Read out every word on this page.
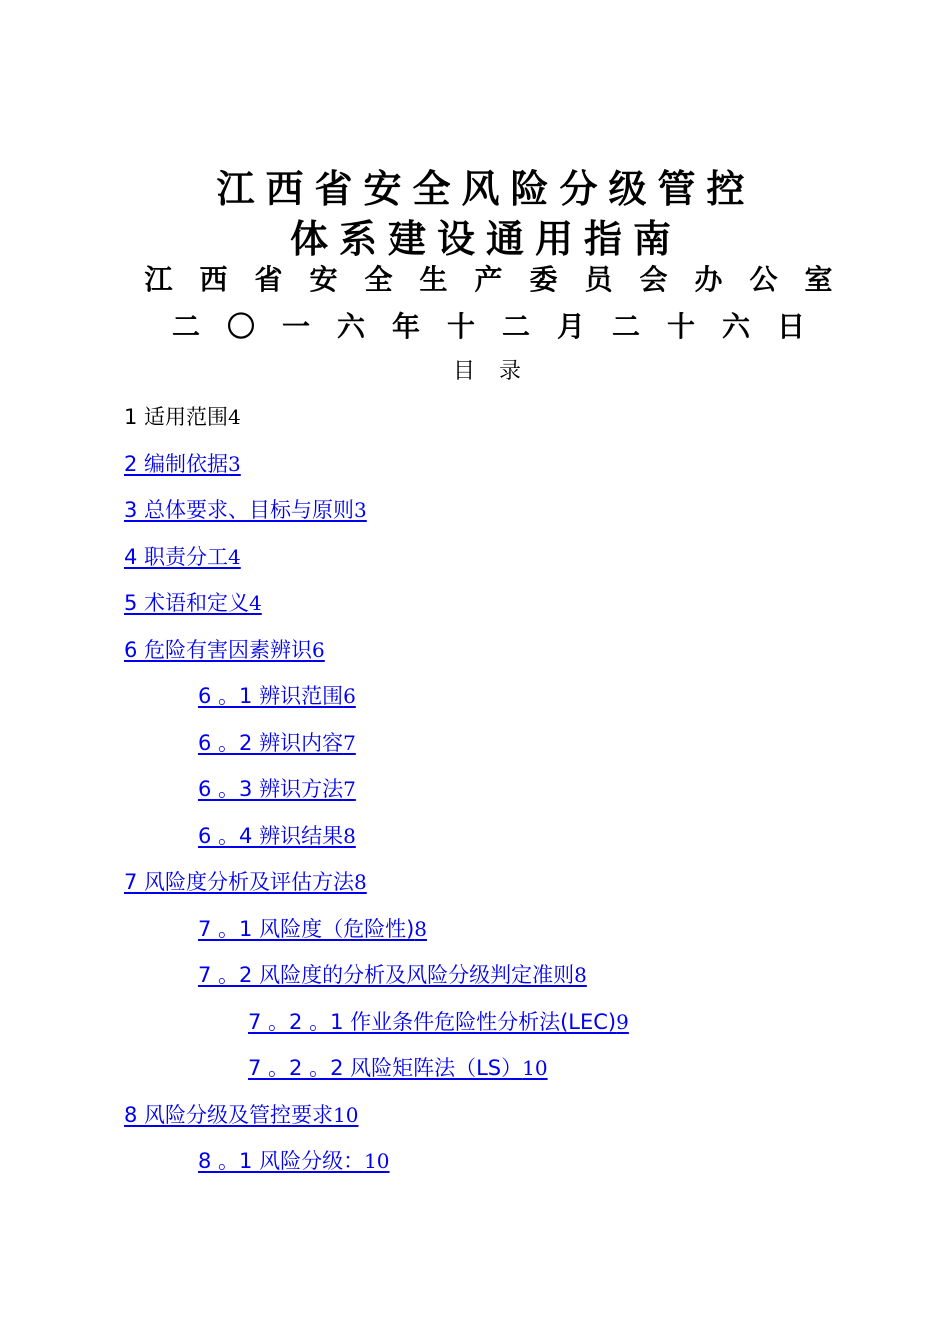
江西省安全风险分级管控
体系建设通用指南
江西省安全生产委员会办公室
二〇一六年十二月二十六日
目录
1 适用范围4
2 编制依据3
3 总体要求、目标与原则3
4 职责分工4
5 术语和定义4
6 危险有害因素辨识6
6 。1 辨识范围6
6 。2 辨识内容7
6 。3 辨识方法7
6 。4 辨识结果8
7 风险度分析及评估方法8
7 。1 风险度（危险性)8
7 。2 风险度的分析及风险分级判定准则8
7 。2 。1 作业条件危险性分析法(LEC)9
7 。2 。2 风险矩阵法（LS）10
8 风险分级及管控要求10
8 。1 风险分级：10
